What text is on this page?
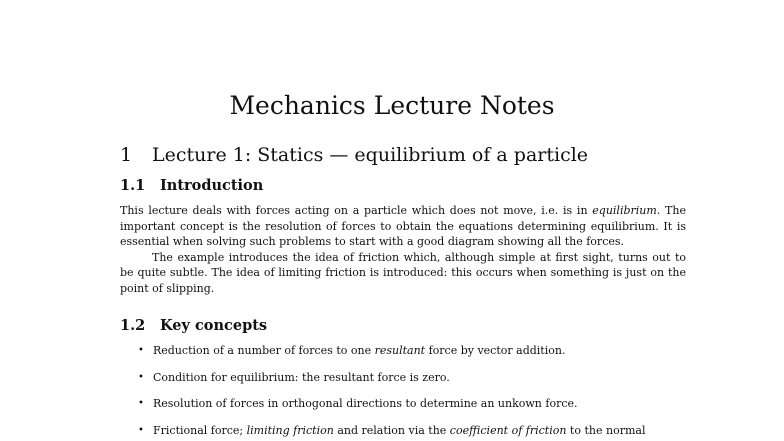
Mechanics Lecture Notes
1 Lecture 1: Statics — equilibrium of a particle
1.1 Introduction

This lecture deals with forces acting on a particle which does not move, i.e. is in equilibrium. The important concept is the resolution of forces to obtain the equations determining equilibrium. It is essential when solving such problems to start with a good diagram showing all the forces.
The example introduces the idea of friction which, although simple at first sight, turns out to be quite subtle. The idea of limiting friction is introduced: this occurs when something is just on the point of slipping.

1.2 Key concepts
• Reduction of a number of forces to one resultant force by vector addition.
• Condition for equilibrium: the resultant force is zero.
• Resolution of forces in orthogonal directions to determine an unkown force.
• Frictional force; limiting friction and relation via the coefficient of friction to the normal
